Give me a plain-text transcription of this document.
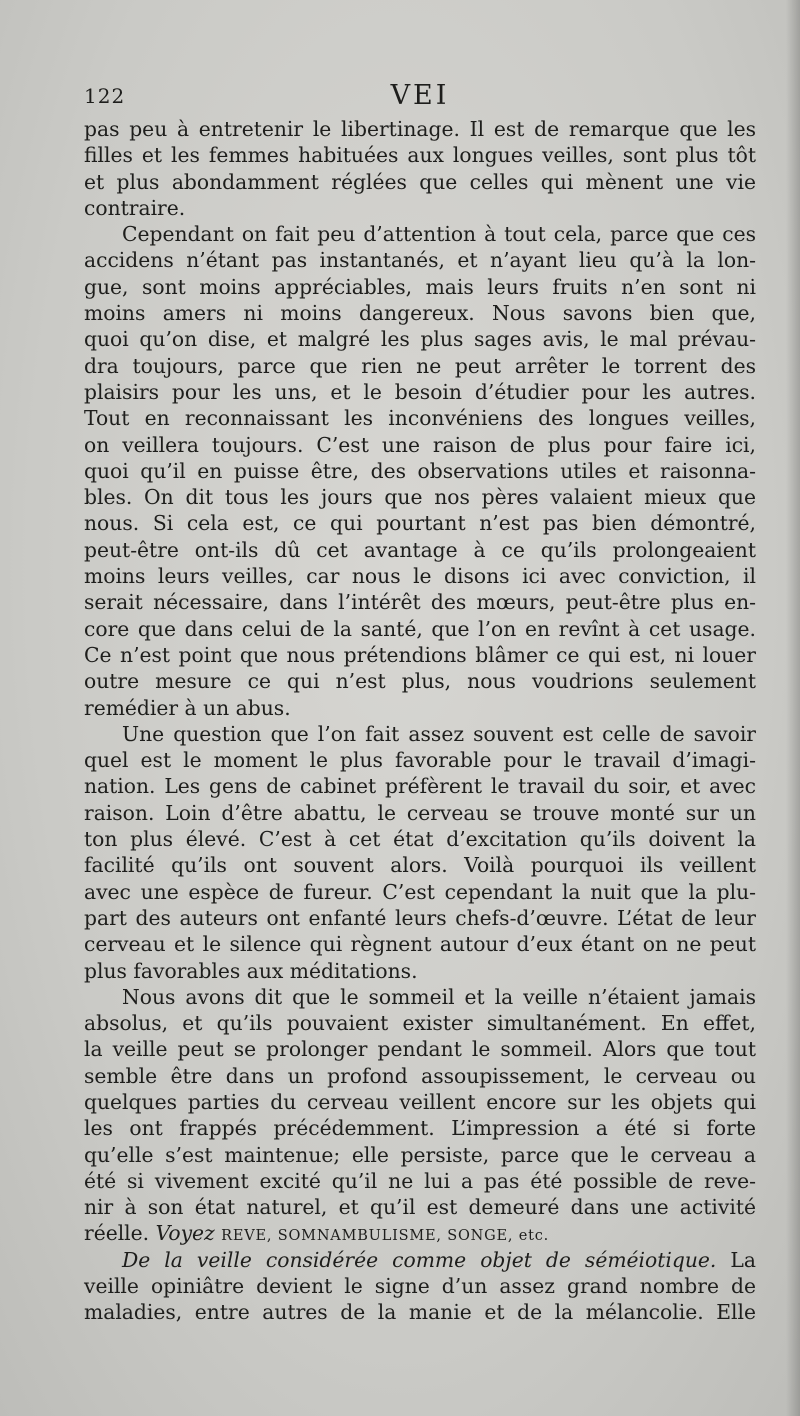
122	VEI
pas peu à entretenir le libertinage. Il est de remarque que les
filles et les femmes habituées aux longues veilles, sont plus tôt
et plus abondamment réglées que celles qui mènent une vie
contraire.
Cependant on fait peu d’attention à tout cela, parce que ces
accidens n’étant pas instantanés, et n’ayant lieu qu’à la lon-
gue, sont moins appréciables, mais leurs fruits n’en sont ni
moins amers ni moins dangereux. Nous savons bien que,
quoi qu’on dise, et malgré les plus sages avis, le mal prévau-
dra toujours, parce que rien ne peut arrêter le torrent des
plaisirs pour les uns, et le besoin d’étudier pour les autres.
Tout en reconnaissant les inconvéniens des longues veilles,
on veillera toujours. C’est une raison de plus pour faire ici,
quoi qu’il en puisse être, des observations utiles et raisonna-
bles. On dit tous les jours que nos pères valaient mieux que
nous. Si cela est, ce qui pourtant n’est pas bien démontré,
peut-être ont-ils dû cet avantage à ce qu’ils prolongeaient
moins leurs veilles, car nous le disons ici avec conviction, il
serait nécessaire, dans l’intérêt des mœurs, peut-être plus en-
core que dans celui de la santé, que l’on en revînt à cet usage.
Ce n’est point que nous prétendions blâmer ce qui est, ni louer
outre mesure ce qui n’est plus, nous voudrions seulement
remédier à un abus.
Une question que l’on fait assez souvent est celle de savoir
quel est le moment le plus favorable pour le travail d’imagi-
nation. Les gens de cabinet préfèrent le travail du soir, et avec
raison. Loin d’être abattu, le cerveau se trouve monté sur un
ton plus élevé. C’est à cet état d’excitation qu’ils doivent la
facilité qu’ils ont souvent alors. Voilà pourquoi ils veillent
avec une espèce de fureur. C’est cependant la nuit que la plu-
part des auteurs ont enfanté leurs chefs-d’œuvre. L’état de leur
cerveau et le silence qui règnent autour d’eux étant on ne peut
plus favorables aux méditations.
Nous avons dit que le sommeil et la veille n’étaient jamais
absolus, et qu’ils pouvaient exister simultanément. En effet,
la veille peut se prolonger pendant le sommeil. Alors que tout
semble être dans un profond assoupissement, le cerveau ou
quelques parties du cerveau veillent encore sur les objets qui
les ont frappés précédemment. L’impression a été si forte
qu’elle s’est maintenue; elle persiste, parce que le cerveau a
été si vivement excité qu’il ne lui a pas été possible de reve-
nir à son état naturel, et qu’il est demeuré dans une activité
réelle. Voyez REVE, SOMNAMBULISME, SONGE, etc.
De la veille considérée comme objet de séméiotique. La
veille opiniâtre devient le signe d’un assez grand nombre de
maladies, entre autres de la manie et de la mélancolie. Elle
